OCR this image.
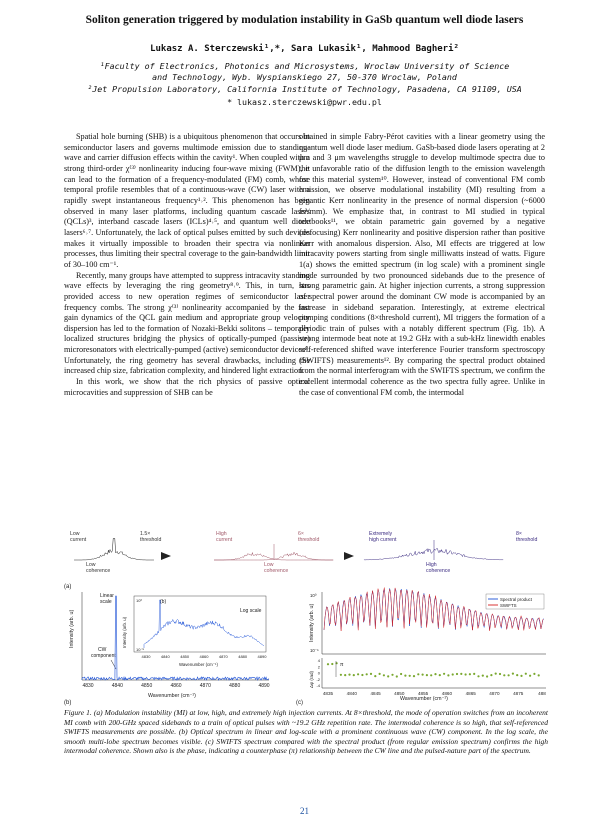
Soliton generation triggered by modulation instability in GaSb quantum well diode lasers
Lukasz A. Sterczewski¹,*, Sara Lukasik¹, Mahmood Bagheri²
¹Faculty of Electronics, Photonics and Microsystems, Wroclaw University of Science
and Technology, Wyb. Wyspianskiego 27, 50-370 Wroclaw, Poland
²Jet Propulsion Laboratory, California Institute of Technology, Pasadena, CA 91109, USA
* lukasz.sterczewski@pwr.edu.pl

Spatial hole burning (SHB) is a ubiquitous phenomenon that occurs in semiconductor lasers and governs multimode emission due to standing-wave and carrier diffusion effects within the cavity¹. When coupled with a strong third-order χ⁽³⁾ nonlinearity inducing four-wave mixing (FWM), it can lead to the formation of a frequency-modulated (FM) comb, whose temporal profile resembles that of a continuous-wave (CW) laser with a rapidly swept instantaneous frequency¹˒². This phenomenon has been observed in many laser platforms, including quantum cascade lasers (QCLs)³, interband cascade lasers (ICLs)⁴˒⁵, and quantum well diode lasers⁶˒⁷. Unfortunately, the lack of optical pulses emitted by such devices makes it virtually impossible to broaden their spectra via nonlinear processes, thus limiting their spectral coverage to the gain-bandwidth limit of 30–100 cm⁻¹.

Recently, many groups have attempted to suppress intracavity standing wave effects by leveraging the ring geometry⁸˒⁹. This, in turn, has provided access to new operation regimes of semiconductor laser frequency combs. The strong χ⁽³⁾ nonlinearity accompanied by the fast gain dynamics of the QCL gain medium and appropriate group velocity dispersion has led to the formation of Nozaki-Bekki solitons – temporally localized structures bridging the physics of optically-pumped (passive) microresonators with electrically-pumped (active) semiconductor devices⁸. Unfortunately, the ring geometry has several drawbacks, including the increased chip size, fabrication complexity, and hindered light extraction.

In this work, we show that the rich physics of passive optical microcavities and suppression of SHB can be

obtained in simple Fabry-Pérot cavities with a linear geometry using the quantum well diode laser medium. GaSb-based diode lasers operating at 2 μm and 3 μm wavelengths struggle to develop multimode spectra due to the unfavorable ratio of the diffusion length to the emission wavelength for this material system¹⁰. However, instead of conventional FM comb emission, we observe modulational instability (MI) resulting from a gigantic Kerr nonlinearity in the presence of normal dispersion (~6000 fs²/mm). We emphasize that, in contrast to MI studied in typical textbooks¹¹, we obtain parametric gain governed by a negative (defocusing) Kerr nonlinearity and positive dispersion rather than positive Kerr with anomalous dispersion. Also, MI effects are triggered at low intracavity powers starting from single milliwatts instead of watts. Figure 1(a) shows the emitted spectrum (in log scale) with a prominent single mode surrounded by two pronounced sidebands due to the presence of strong parametric gain. At higher injection currents, a strong suppression of spectral power around the dominant CW mode is accompanied by an increase in sideband separation. Interestingly, at extreme electrical pumping conditions (8×threshold current), MI triggers the formation of a periodic train of pulses with a notably different spectrum (Fig. 1b). A strong intermode beat note at 19.2 GHz with a sub-kHz linewidth enables self-referenced shifted wave interference Fourier transform spectroscopy (SWIFTS) measurements¹². By comparing the spectral product obtained from the normal interferogram with the SWIFTS spectrum, we confirm the excellent intermodal coherence as the two spectra fully agree. Unlike in the case of conventional FM comb, the intermodal

Low
current
1.5×
threshold
High
current
6×
threshold
Extremely
high current
8×
threshold
Low
coherence
Low
coherence
High
coherence
(a)
Intensity (arb. u)
Linear
scale
CW
component
4830	4840	4850	4860	4870	4880	4890
Wavenumber (cm⁻¹)
(b)
Intensity (arb. u)
(b)
Log scale
10⁰
10⁻⁵
4830	4840	4850	4860	4870	4880	4890
Wavenumber (cm⁻¹)
Intensity (arb. u)
10⁰
10⁻⁵
Spectral product
SWIFTS
Δφ (rad)
4
2
0
-2
-4
π
4835	4840	4845	4850	4855	4860	4865	4870	4875	488
Wavenumber (cm⁻¹)
(c)
Figure 1. (a) Modulation instability (MI) at low, high, and extremely high injection currents. At 8×threshold, the mode of operation switches from an incoherent MI comb with 200-GHz spaced sidebands to a train of optical pulses with ~19.2 GHz repetition rate. The intermodal coherence is so high, that self-referenced SWIFTS measurements are possible. (b) Optical spectrum in linear and log-scale with a prominent continuous wave (CW) component. In the log scale, the smooth multi-lobe spectrum becomes visible. (c) SWIFTS spectrum compared with the spectral product (from regular emission spectrum) confirms the high intermodal coherence. Shown also is the phase, indicating a counterphase (π) relationship between the CW line and the pulsed-nature part of the spectrum.
21
